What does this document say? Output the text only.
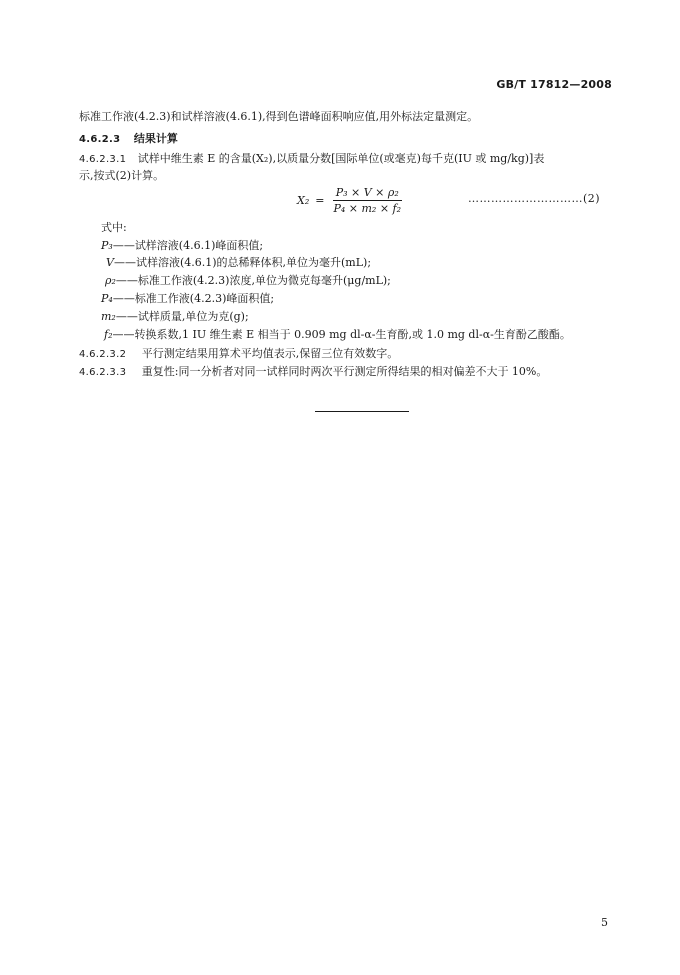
GB/T 17812—2008
标准工作液(4.2.3)和试样溶液(4.6.1),得到色谱峰面积响应值,用外标法定量测定。
4.6.2.3 结果计算
4.6.2.3.1 试样中维生素 E 的含量(X₂),以质量分数[国际单位(或毫克)每千克(IU 或 mg/kg)]表
示,按式(2)计算。
$X_2 = \frac{\text{P₃ × V × ρ₂}}{\text{P₄ × m₂ × f₂}}$	…………………………(2)
式中:
P₃——试样溶液(4.6.1)峰面积值;
V——试样溶液(4.6.1)的总稀释体积,单位为毫升(mL);
ρ₂——标准工作液(4.2.3)浓度,单位为微克每毫升(μg/mL);
P₄——标准工作液(4.2.3)峰面积值;
m₂——试样质量,单位为克(g);
f₂——转换系数,1 IU 维生素 E 相当于 0.909 mg dl-α-生育酚,或 1.0 mg dl-α-生育酚乙酸酯。
4.6.2.3.2 平行测定结果用算术平均值表示,保留三位有效数字。
4.6.2.3.3 重复性:同一分析者对同一试样同时两次平行测定所得结果的相对偏差不大于 10%。
5
